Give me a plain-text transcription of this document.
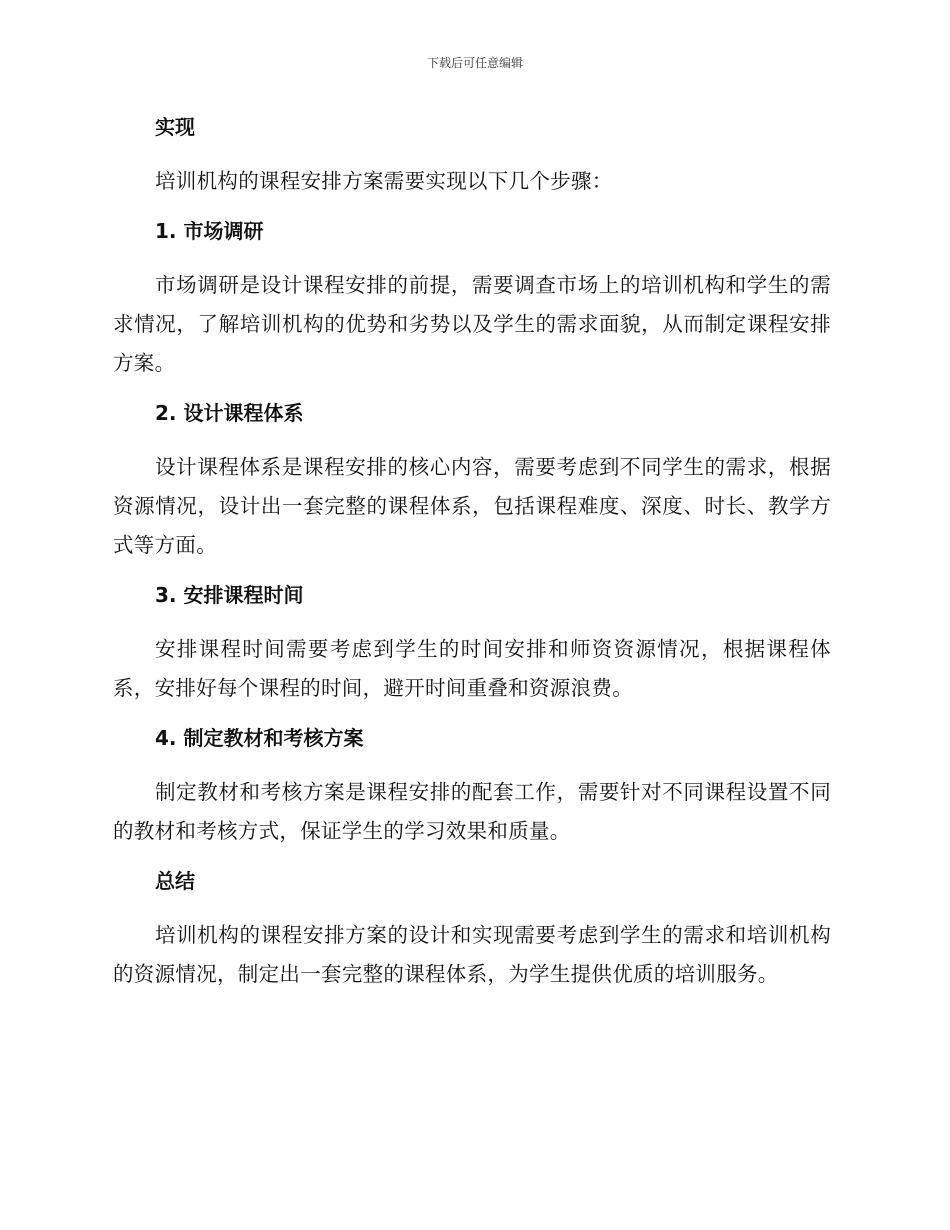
下载后可任意编辑
实现

培训机构的课程安排方案需要实现以下几个步骤：

1. 市场调研

市场调研是设计课程安排的前提，需要调查市场上的培训机构和学生的需求情况，了解培训机构的优势和劣势以及学生的需求面貌，从而制定课程安排方案。

2. 设计课程体系

设计课程体系是课程安排的核心内容，需要考虑到不同学生的需求，根据资源情况，设计出一套完整的课程体系，包括课程难度、深度、时长、教学方式等方面。

3. 安排课程时间

安排课程时间需要考虑到学生的时间安排和师资资源情况，根据课程体系，安排好每个课程的时间，避开时间重叠和资源浪费。

4. 制定教材和考核方案

制定教材和考核方案是课程安排的配套工作，需要针对不同课程设置不同的教材和考核方式，保证学生的学习效果和质量。

总结

培训机构的课程安排方案的设计和实现需要考虑到学生的需求和培训机构的资源情况，制定出一套完整的课程体系，为学生提供优质的培训服务。
